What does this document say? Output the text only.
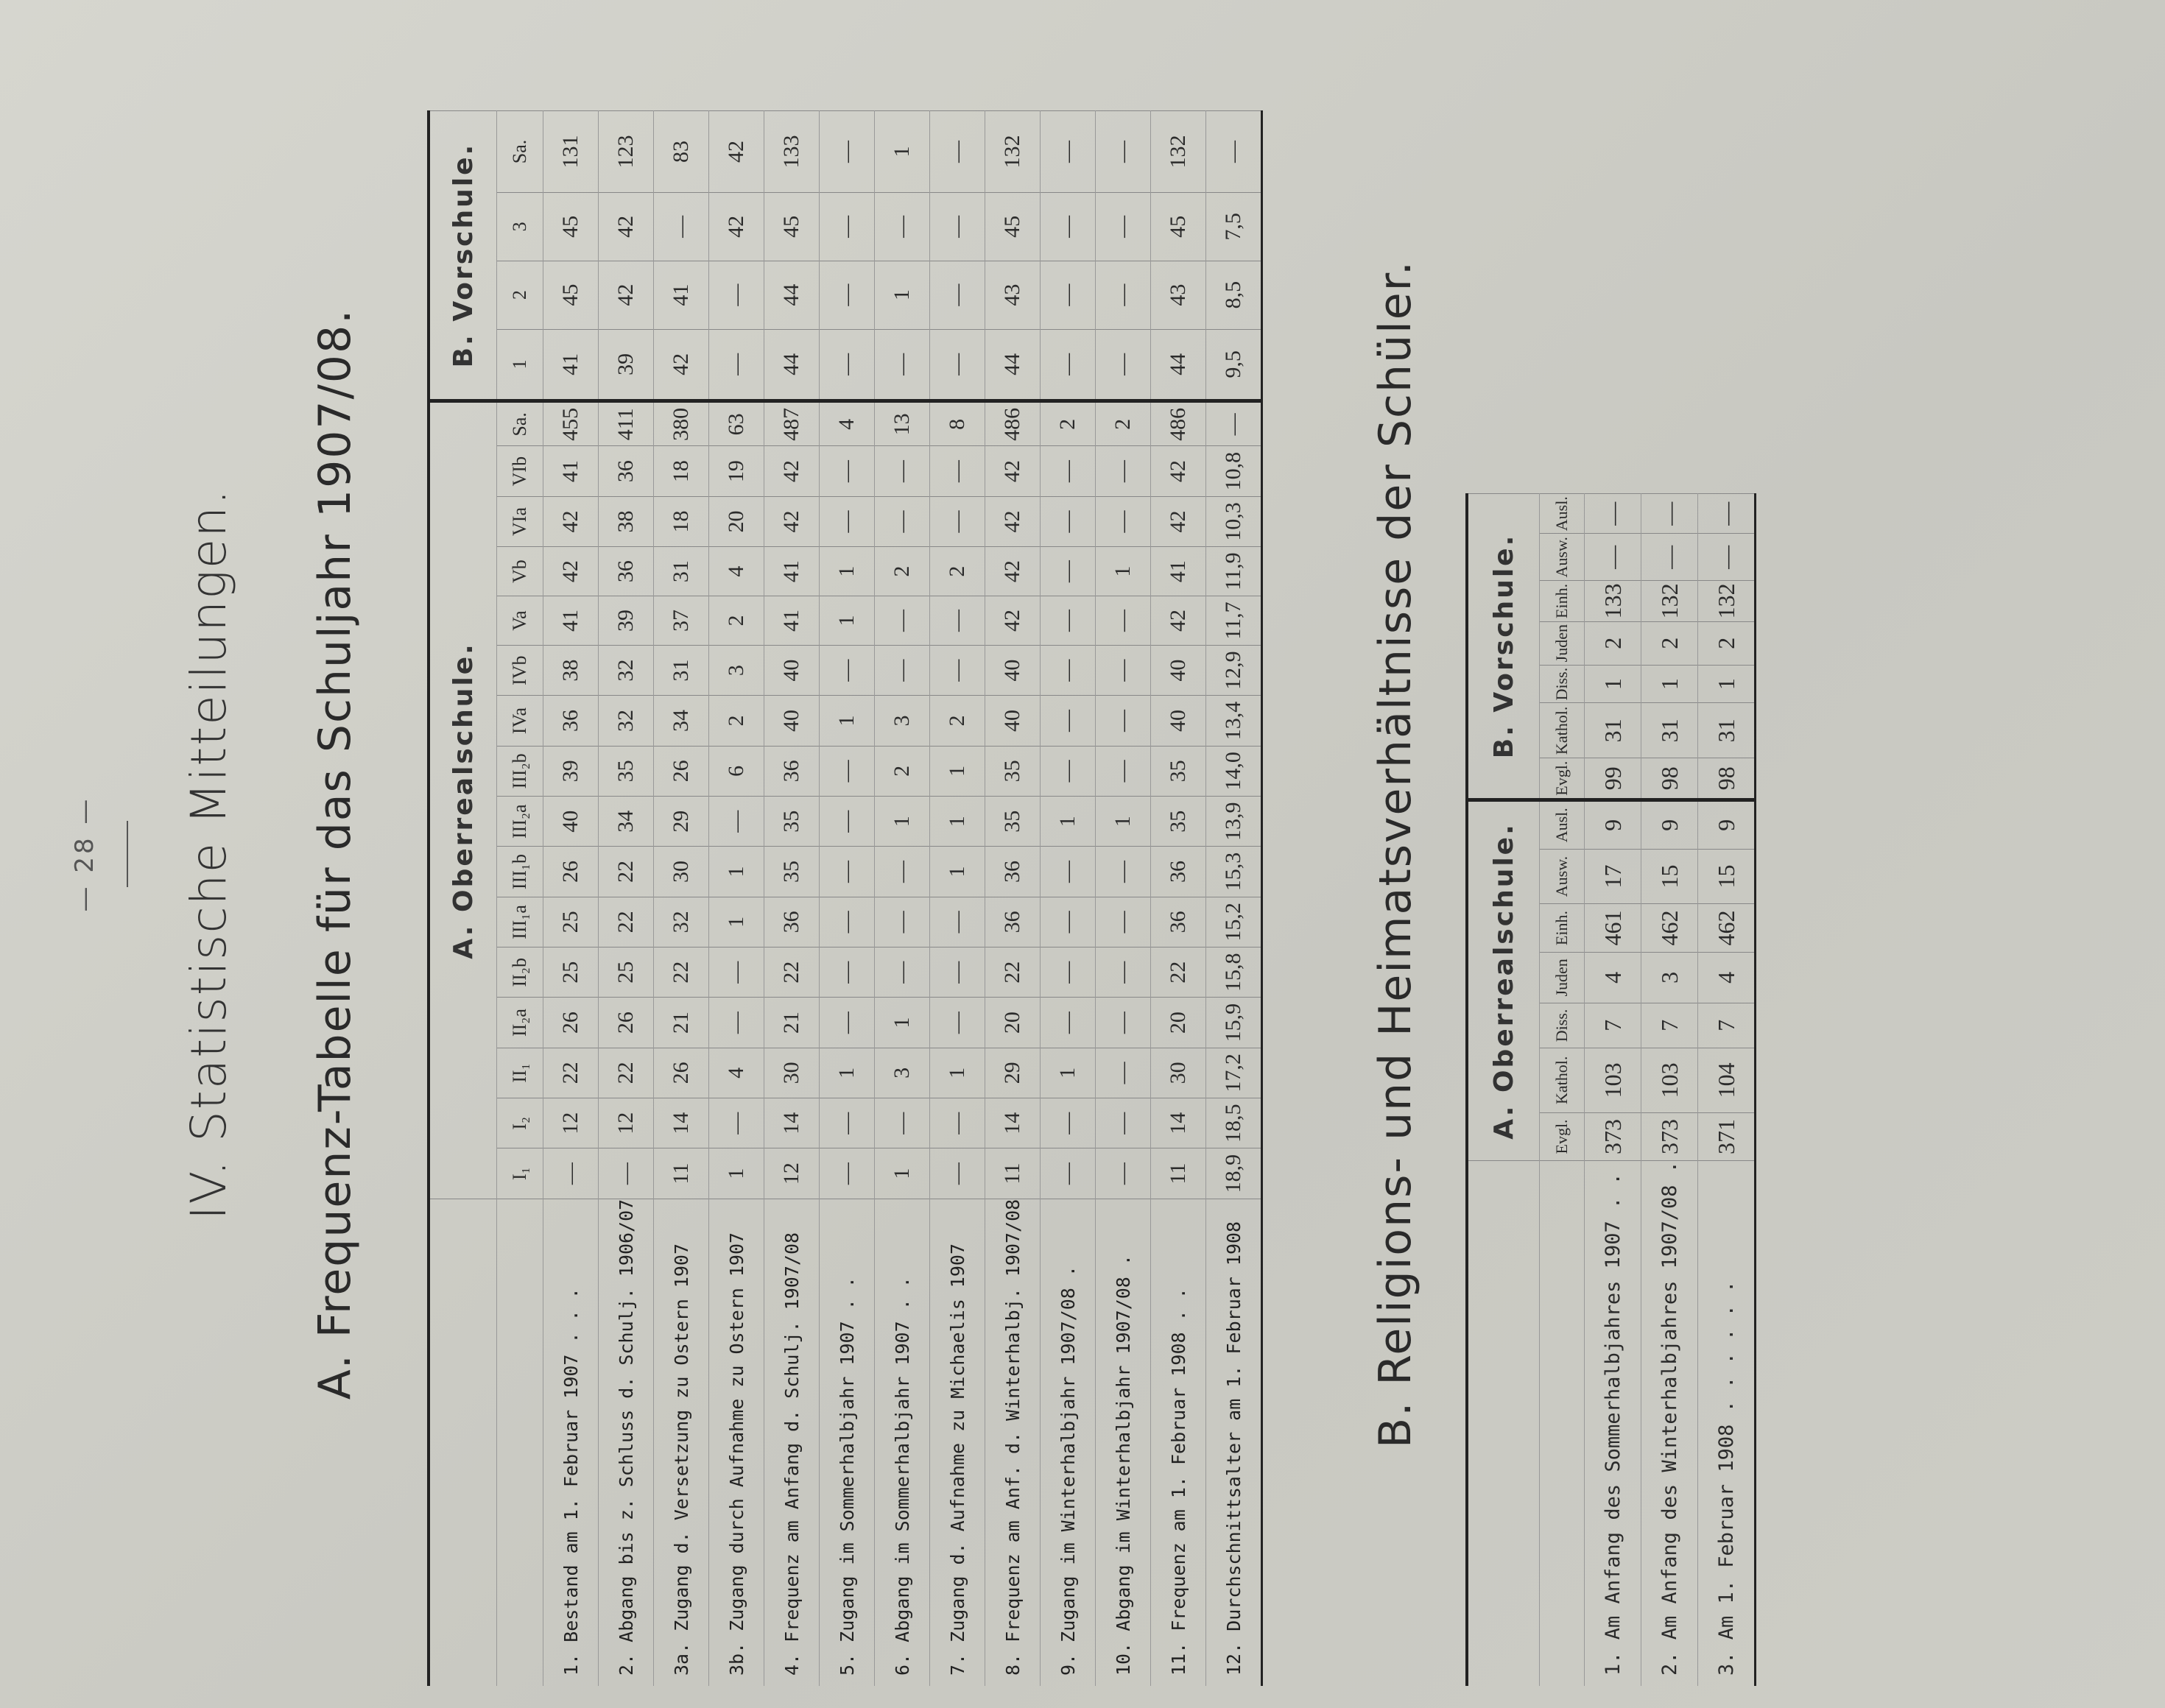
— 28 — IV. Statistische Mitteilungen. A. Frequenz-Tabelle für das Schuljahr 1907/08.
		A. Oberrealschule.																B. Vorschule.			
	I₁	I₂	II₁	II₂a	II₂b	III₁a	III₁b	III₂a	III₂b	IVa	IVb	Va	Vb	VIa	VIb	Sa.	1	2	3	Sa.
1. Bestand am 1. Februar 1907 . . .	—	12	22	26	25	25	26	40	39	36	38	41	42	42	41	455	41	45	45	131
2. Abgang bis z. Schluss d. Schulj. 1906/07	—	12	22	26	25	22	22	34	35	32	32	39	36	38	36	411	39	42	42	123
3a. Zugang d. Versetzung zu Ostern 1907	11	14	26	21	22	32	30	29	26	34	31	37	31	18	18	380	42	41	—	83
3b. Zugang durch Aufnahme zu Ostern 1907	1	—	4	—	—	1	1	—	6	2	3	2	4	20	19	63	—	—	42	42
4. Frequenz am Anfang d. Schulj. 1907/08	12	14	30	21	22	36	35	35	36	40	40	41	41	42	42	487	44	44	45	133
5. Zugang im Sommerhalbjahr 1907 . .	—	—	1	—	—	—	—	—	—	1	—	1	1	—	—	4	—	—	—	—
6. Abgang im Sommerhalbjahr 1907 . .	1	—	3	1	—	—	—	1	2	3	—	—	2	—	—	13	—	1	—	1
7. Zugang d. Aufnahme zu Michaelis 1907	—	—	1	—	—	—	1	1	1	2	—	—	2	—	—	8	—	—	—	—
8. Frequenz am Anf. d. Winterhalbj. 1907/08	11	14	29	20	22	36	36	35	35	40	40	42	42	42	42	486	44	43	45	132
9. Zugang im Winterhalbjahr 1907/08 .	—	—	1	—	—	—	—	1	—	—	—	—	—	—	—	2	—	—	—	—
10. Abgang im Winterhalbjahr 1907/08 .	—	—	—	—	—	—	—	1	—	—	—	—	1	—	—	2	—	—	—	—
11. Frequenz am 1. Februar 1908 . .	11	14	30	20	22	36	36	35	35	40	40	42	41	42	42	486	44	43	45	132
12. Durchschnittsalter am 1. Februar 1908	18,9	18,5	17,2	15,9	15,8	15,2	15,3	13,9	14,0	13,4	12,9	11,7	11,9	10,3	10,8	—	9,5	8,5	7,5	—
B. Religions- und Heimatsverhältnisse der Schüler.
		A. Oberrealschule.							B. Vorschule.						
	Evgl.	Kathol.	Diss.	Juden	Einh.	Ausw.	Ausl.	Evgl.	Kathol.	Diss.	Juden	Einh.	Ausw.	Ausl.
1. Am Anfang des Sommerhalbjahres 1907 . .	373	103	7	4	461	17	9	99	31	1	2	133	—	—
2. Am Anfang des Winterhalbjahres 1907/08 .	373	103	7	3	462	15	9	98	31	1	2	132	—	—
3. Am 1. Februar 1908 . . . . . .	371	104	7	4	462	15	9	98	31	1	2	132	—	—
